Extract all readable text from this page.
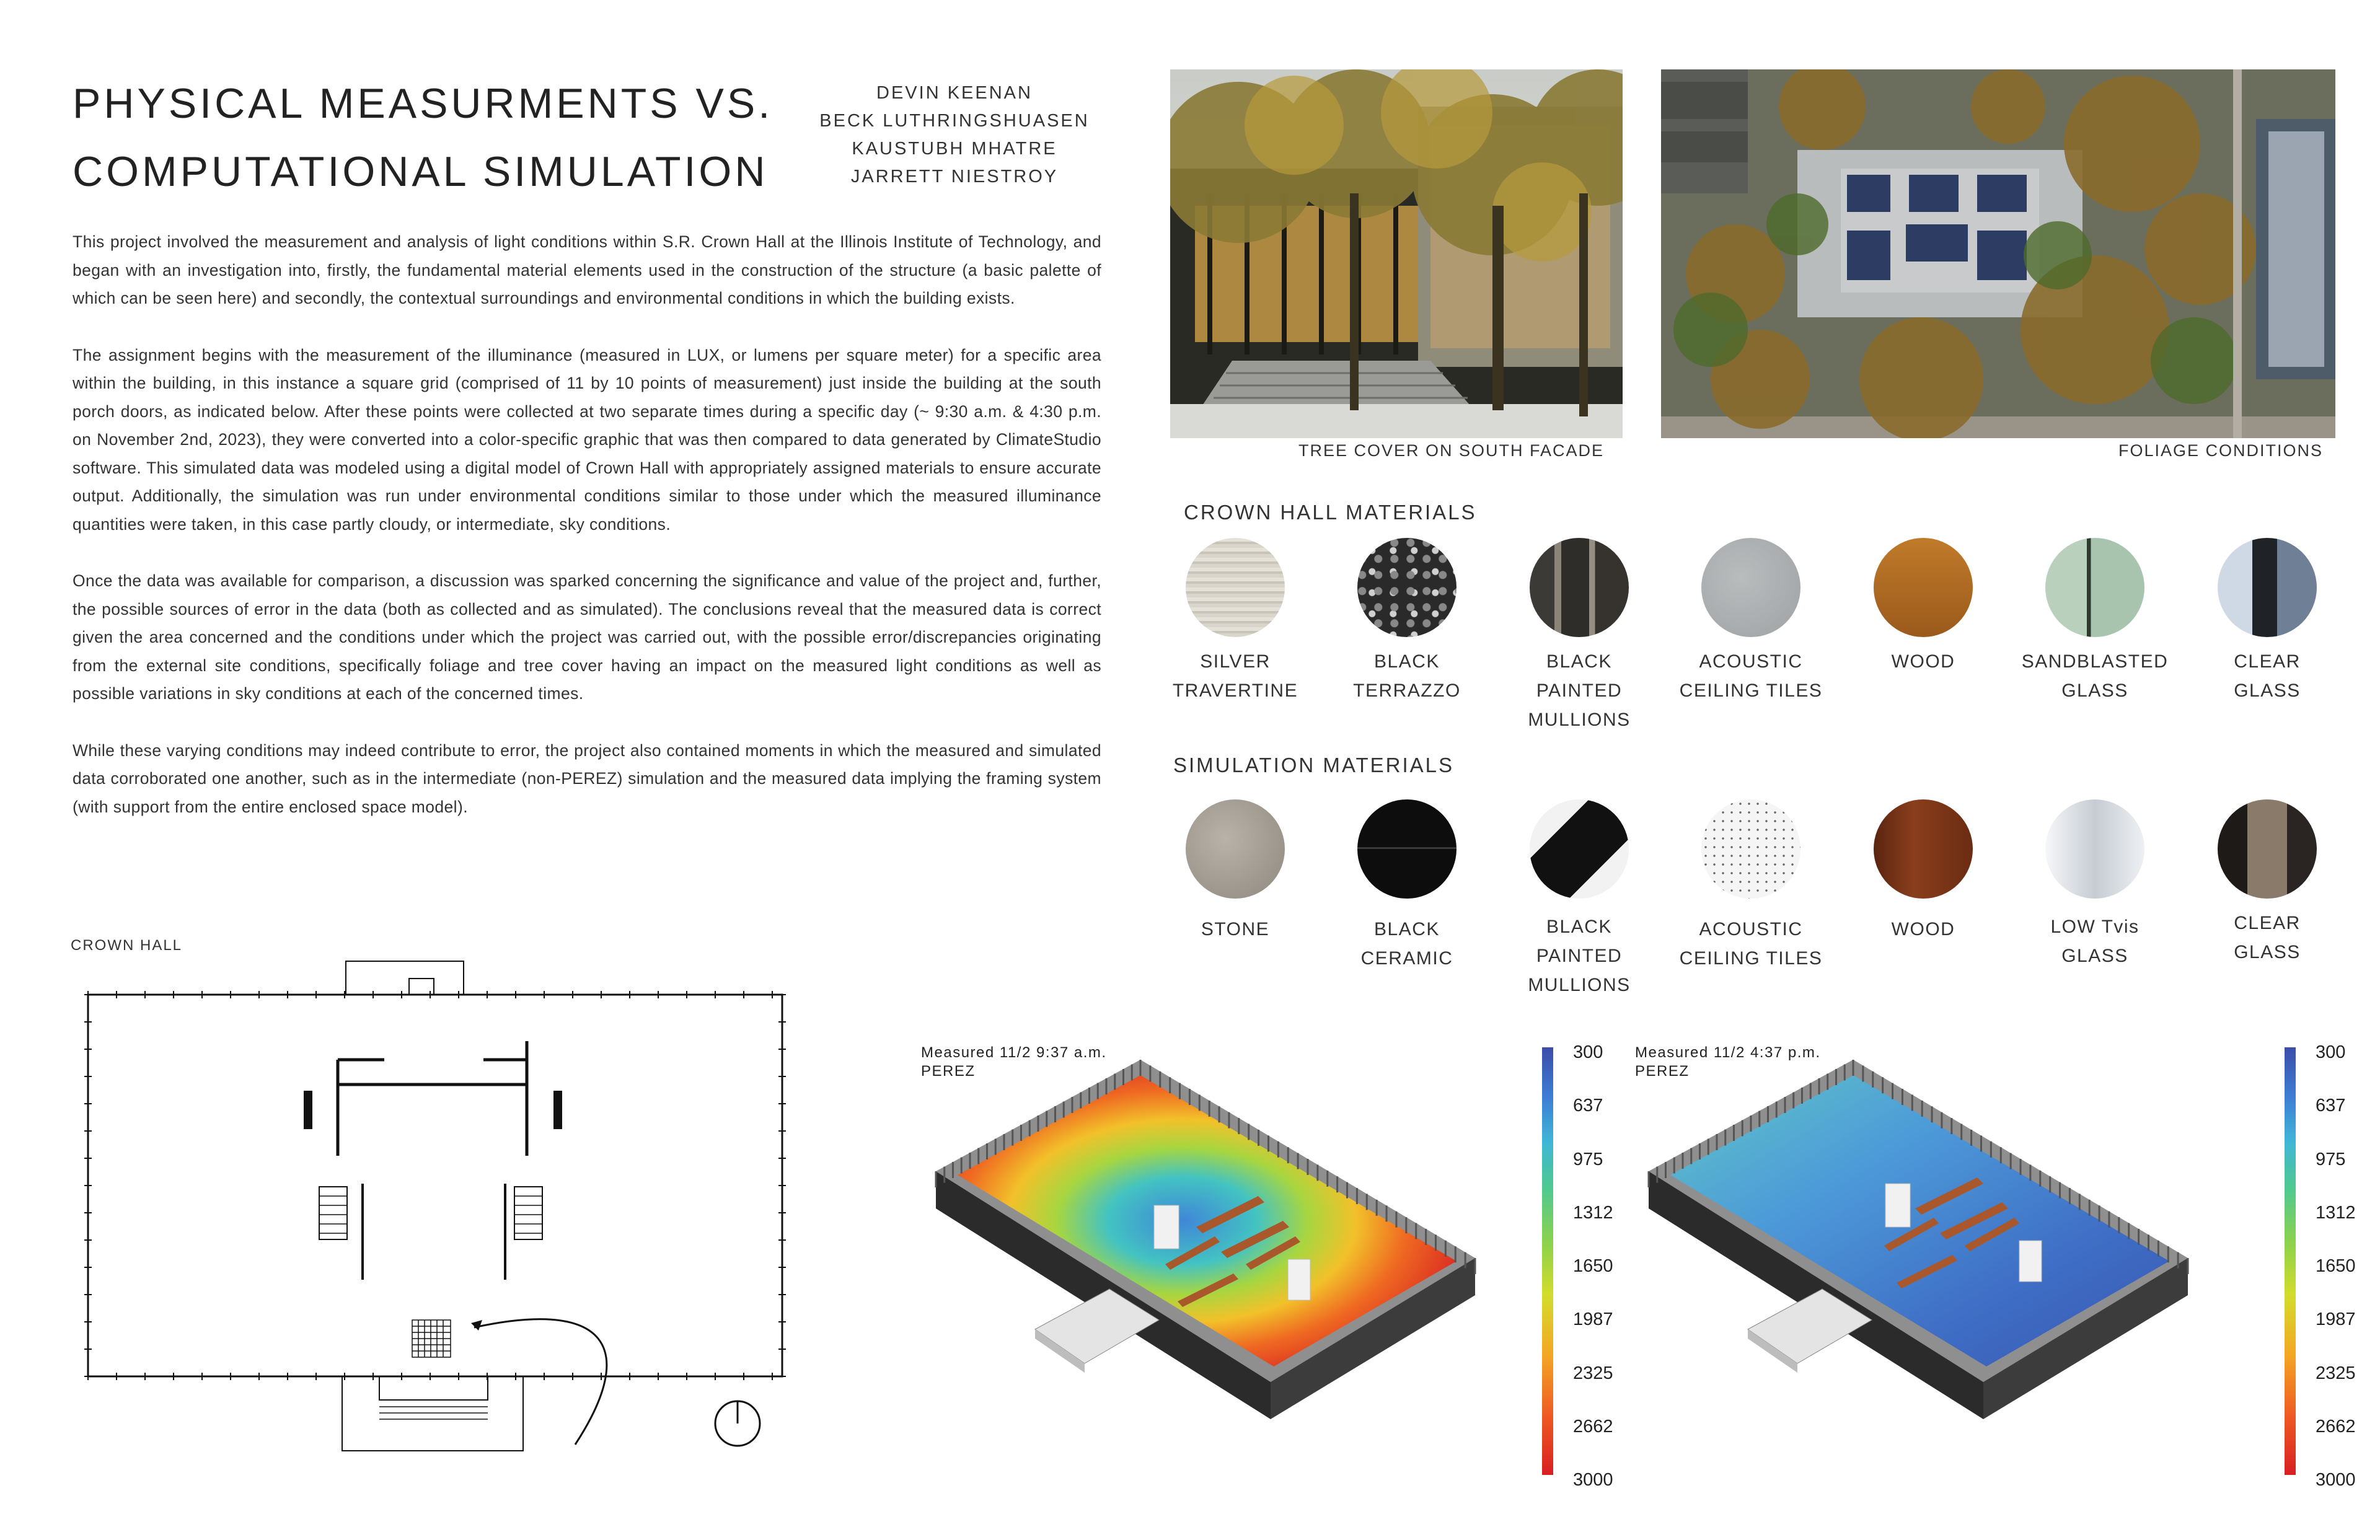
PHYSICAL MEASURMENTS VS.
COMPUTATIONAL SIMULATION
DEVIN KEENAN
BECK LUTHRINGSHUASEN
KAUSTUBH MHATRE
JARRETT NIESTROY

This project involved the measurement and analysis of light conditions within S.R. Crown Hall at the Illinois Institute of Technology, and began with an investigation into, firstly, the fundamental material elements used in the construction of the structure (a basic palette of which can be seen here) and secondly, the contextual surroundings and environmental conditions in which the building exists.

The assignment begins with the measurement of the illuminance (measured in LUX, or lumens per square meter) for a specific area within the building, in this instance a square grid (comprised of 11 by 10 points of measurement) just inside the building at the south porch doors, as indicated below. After these points were collected at two separate times during a specific day (~ 9:30 a.m. & 4:30 p.m. on November 2nd, 2023), they were converted into a color-specific graphic that was then compared to data generated by ClimateStudio software. This simulated data was modeled using a digital model of Crown Hall with appropriately assigned materials to ensure accurate output. Additionally, the simulation was run under environmental conditions similar to those under which the measured illuminance quantities were taken, in this case partly cloudy, or intermediate, sky conditions.

Once the data was available for comparison, a discussion was sparked concerning the significance and value of the project and, further, the possible sources of error in the data (both as collected and as simulated). The conclusions reveal that the measured data is correct given the area concerned and the conditions under which the project was carried out, with the possible error/discrepancies originating from the external site conditions, specifically foliage and tree cover having an impact on the measured light conditions as well as possible variations in sky conditions at each of the concerned times.

While these varying conditions may indeed contribute to error, the project also contained moments in which the measured and simulated data corroborated one another, such as in the intermediate (non-PEREZ) simulation and the measured data implying the framing system (with support from the entire enclosed space model).

TREE COVER ON SOUTH FACADE	FOLIAGE CONDITIONS
CROWN HALL MATERIALS
SILVER
TRAVERTINE
BLACK
TERRAZZO
BLACK
PAINTED
MULLIONS
ACOUSTIC
CEILING TILES
WOOD	SANDBLASTED
GLASS
CLEAR
GLASS
SIMULATION MATERIALS
STONE	BLACK
CERAMIC
BLACK
PAINTED
MULLIONS
ACOUSTIC
CEILING TILES
WOOD	LOW Tvis
GLASS
CLEAR
GLASS
CROWN HALL
Measured 11/2 9:37 a.m.
PEREZ
300
637
975
1312
1650
1987
2325
2662
3000
Measured 11/2 4:37 p.m.
PEREZ
300
637
975
1312
1650
1987
2325
2662
3000
